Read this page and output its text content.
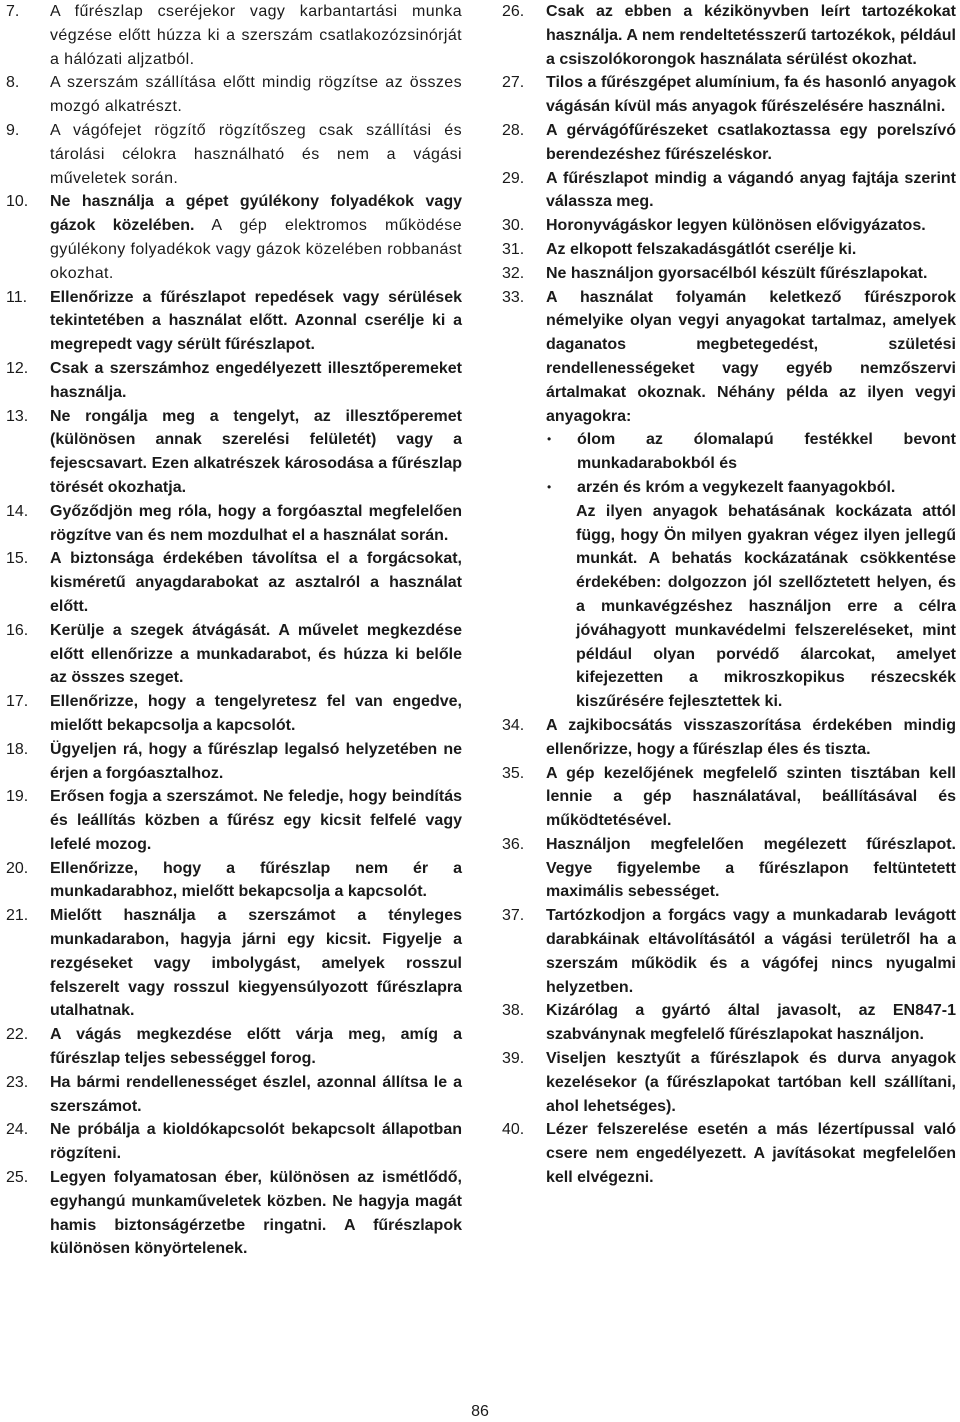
7.	A fűrészlap cseréjekor vagy karbantartási munka végzése előtt húzza ki a szerszám csatlakozózsinórját a hálózati aljzatból.
8.	A szerszám szállítása előtt mindig rögzítse az összes mozgó alkatrészt.
9.	A vágófejet rögzítő rögzítőszeg csak szállítási és tárolási célokra használható és nem a vágási műveletek során.
10.	Ne használja a gépet gyúlékony folyadékok vagy gázok közelében. A gép elektromos működése gyúlékony folyadékok vagy gázok közelében robbanást okozhat.
11.	Ellenőrizze a fűrészlapot repedések vagy sérülések tekintetében a használat előtt. Azonnal cserélje ki a megrepedt vagy sérült fűrészlapot.
12.	Csak a szerszámhoz engedélyezett illesztőperemeket használja.
13.	Ne rongálja meg a tengelyt, az illesztőperemet (különösen annak szerelési felületét) vagy a fejescsavart. Ezen alkatrészek károsodása a fűrészlap törését okozhatja.
14.	Győződjön meg róla, hogy a forgóasztal megfelelően rögzítve van és nem mozdulhat el a használat során.
15.	A biztonsága érdekében távolítsa el a forgácsokat, kisméretű anyagdarabokat az asztalról a használat előtt.
16.	Kerülje a szegek átvágását. A művelet megkezdése előtt ellenőrizze a munkadarabot, és húzza ki belőle az összes szeget.
17.	Ellenőrizze, hogy a tengelyretesz fel van engedve, mielőtt bekapcsolja a kapcsolót.
18.	Ügyeljen rá, hogy a fűrészlap legalsó helyzetében ne érjen a forgóasztalhoz.
19.	Erősen fogja a szerszámot. Ne feledje, hogy beindítás és leállítás közben a fűrész egy kicsit felfelé vagy lefelé mozog.
20.	Ellenőrizze, hogy a fűrészlap nem ér a munkadarabhoz, mielőtt bekapcsolja a kapcsolót.
21.	Mielőtt használja a szerszámot a tényleges munkadarabon, hagyja járni egy kicsit. Figyelje a rezgéseket vagy imbolygást, amelyek rosszul felszerelt vagy rosszul kiegyensúlyozott fűrészlapra utalhatnak.
22.	A vágás megkezdése előtt várja meg, amíg a fűrészlap teljes sebességgel forog.
23.	Ha bármi rendellenességet észlel, azonnal állítsa le a szerszámot.
24.	Ne próbálja a kioldókapcsolót bekapcsolt állapotban rögzíteni.
25.	Legyen folyamatosan éber, különösen az ismétlődő, egyhangú munkaműveletek közben. Ne hagyja magát hamis biztonságérzetbe ringatni. A fűrészlapok különösen könyörtelenek.
26.	Csak az ebben a kézikönyvben leírt tartozékokat használja. A nem rendeltetésszerű tartozékok, például a csiszolókorongok használata sérülést okozhat.
27.	Tilos a fűrészgépet alumínium, fa és hasonló anyagok vágásán kívül más anyagok fűrészelésére használni.
28.	A gérvágófűrészeket csatlakoztassa egy porelszívó berendezéshez fűrészeléskor.
29.	A fűrészlapot mindig a vágandó anyag fajtája szerint válassza meg.
30.	Horonyvágáskor legyen különösen elővigyázatos.
31.	Az elkopott felszakadásgátlót cserélje ki.
32.	Ne használjon gyorsacélból készült fűrészlapokat.
33.	A használat folyamán keletkező fűrészporok némelyike olyan vegyi anyagokat tartalmaz, amelyek daganatos megbetegedést, születési rendellenességeket vagy egyéb nemzőszervi ártalmakat okoznak. Néhány példa az ilyen vegyi anyagokra:
•	ólom az ólomalapú festékkel bevont munkadarabokból és
•	arzén és króm a vegykezelt faanyagokból.
Az ilyen anyagok behatásának kockázata attól függ, hogy Ön milyen gyakran végez ilyen jellegű munkát. A behatás kockázatának csökkentése érdekében: dolgozzon jól szellőztetett helyen, és a munkavégzéshez használjon erre a célra jóváhagyott munkavédelmi felszereléseket, mint például olyan porvédő álarcokat, amelyet kifejezetten a mikroszkopikus részecskék kiszűrésére fejlesztettek ki.
34.	A zajkibocsátás visszaszorítása érdekében mindig ellenőrizze, hogy a fűrészlap éles és tiszta.
35.	A gép kezelőjének megfelelő szinten tisztában kell lennie a gép használatával, beállításával és működtetésével.
36.	Használjon megfelelően megélezett fűrészlapot. Vegye figyelembe a fűrészlapon feltüntetett maximális sebességet.
37.	Tartózkodjon a forgács vagy a munkadarab levágott darabkáinak eltávolításától a vágási területről ha a szerszám működik és a vágófej nincs nyugalmi helyzetben.
38.	Kizárólag a gyártó által javasolt, az EN847-1 szabványnak megfelelő fűrészlapokat használjon.
39.	Viseljen kesztyűt a fűrészlapok és durva anyagok kezelésekor (a fűrészlapokat tartóban kell szállítani, ahol lehetséges).
40.	Lézer felszerelése esetén a más lézertípussal való csere nem engedélyezett. A javításokat megfelelően kell elvégezni.
86
